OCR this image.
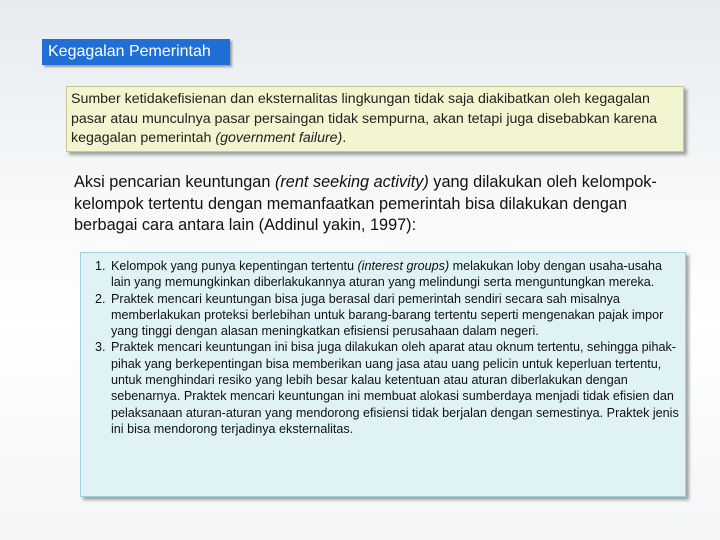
Kegagalan Pemerintah
Sumber ketidakefisienan dan eksternalitas lingkungan tidak saja diakibatkan oleh kegagalan pasar atau munculnya pasar persaingan tidak sempurna, akan tetapi juga disebabkan karena kegagalan pemerintah (government failure).
Aksi pencarian keuntungan (rent seeking activity) yang dilakukan oleh kelompok-kelompok tertentu dengan memanfaatkan pemerintah bisa dilakukan dengan berbagai cara antara lain (Addinul yakin, 1997):
1. Kelompok yang punya kepentingan tertentu (interest groups) melakukan loby dengan usaha-usaha lain yang memungkinkan diberlakukannya aturan yang melindungi serta menguntungkan mereka.
2. Praktek mencari keuntungan bisa juga berasal dari pemerintah sendiri secara sah misalnya memberlakukan proteksi berlebihan untuk barang-barang tertentu seperti mengenakan pajak impor yang tinggi dengan alasan meningkatkan efisiensi perusahaan dalam negeri.
3. Praktek mencari keuntungan ini bisa juga dilakukan oleh aparat atau oknum tertentu, sehingga pihak-pihak yang berkepentingan bisa memberikan uang jasa atau uang pelicin untuk keperluan tertentu, untuk menghindari resiko yang lebih besar kalau ketentuan atau aturan diberlakukan dengan sebenarnya. Praktek mencari keuntungan ini membuat alokasi sumberdaya menjadi tidak efisien dan pelaksanaan aturan-aturan yang mendorong efisiensi tidak berjalan dengan semestinya. Praktek jenis ini bisa mendorong terjadinya eksternalitas.
